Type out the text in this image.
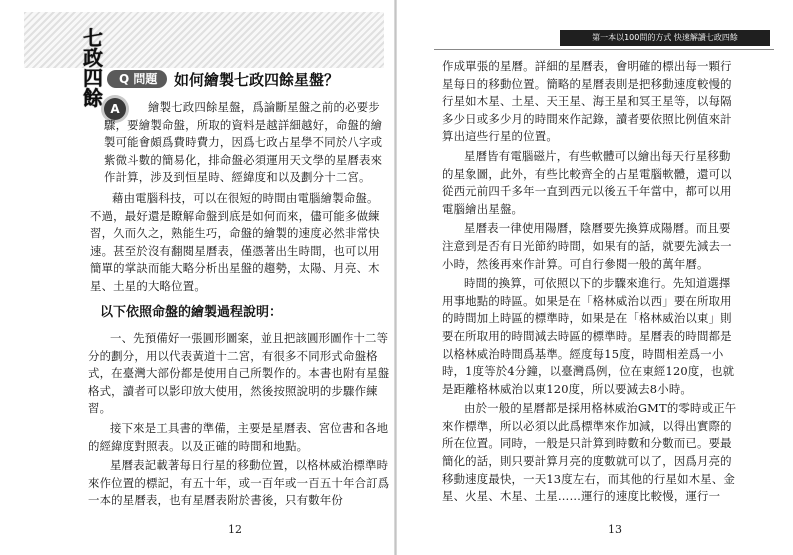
七
政
四
餘
Q 問題	如何繪製七政四餘星盤？
A	繪製七政四餘星盤，爲論斷星盤之前的必要步驟，要繪製命盤，所取的資料是越詳細越好，命盤的繪製可能會頗爲費時費力，因爲七政占星學不同於八字或紫微斗數的簡易化，排命盤必須運用天文學的星曆表來作計算，涉及到恒星時、經緯度和以及劃分十二宮。

藉由電腦科技，可以在很短的時間由電腦繪製命盤。不過，最好還是瞭解命盤到底是如何而來，儘可能多做練習，久而久之，熟能生巧，命盤的繪製的速度必然非常快速。甚至於沒有翻閱星曆表，僅憑著出生時間，也可以用簡單的掌訣而能大略分析出星盤的趨勢，太陽、月亮、木星、土星的大略位置。

以下依照命盤的繪製過程說明：

一、先預備好一張圓形圖案，並且把該圓形圖作十二等分的劃分，用以代表黃道十二宮，有很多不同形式命盤格式，在臺灣大部份都是使用自己所製作的。本書也附有星盤格式，讀者可以影印放大使用，然後按照說明的步驟作練習。

接下來是工具書的準備，主要是星曆表、宮位書和各地的經緯度對照表。以及正確的時間和地點。

星曆表記載著每日行星的移動位置，以格林威治標準時來作位置的標記，有五十年，或一百年或一百五十年合訂爲一本的星曆表，也有星曆表附於書後，只有數年份

12
第一本以100問的方式 快速解讀七政四餘

作成單張的星曆。詳細的星曆表，會明確的標出每一顆行星每日的移動位置。簡略的星曆表則是把移動速度較慢的行星如木星、土星、天王星、海王星和冥王星等，以每隔多少日或多少月的時間來作記錄，讀者要依照比例值來計算出這些行星的位置。

星曆皆有電腦磁片，有些軟體可以繪出每天行星移動的星象圖，此外，有些比較齊全的占星電腦軟體，還可以從西元前四千多年一直到西元以後五千年當中，都可以用電腦繪出星盤。

星曆表一律使用陽曆，陰曆要先換算成陽曆。而且要注意到是否有日光節約時間，如果有的話，就要先減去一小時，然後再來作計算。可自行參閱一般的萬年曆。

時間的換算，可依照以下的步驟來進行。先知道選擇用事地點的時區。如果是在「格林威治以西」要在所取用的時間加上時區的標準時，如果是在「格林威治以東」則要在所取用的時間減去時區的標準時。星曆表的時間都是以格林威治時間爲基準。經度每15度，時間相差爲一小時，1度等於4分鐘，以臺灣爲例，位在東經120度，也就是距離格林威治以東120度，所以要減去8小時。

由於一般的星曆都是採用格林威治GMT的零時或正午來作標準，所以必須以此爲標準來作加減，以得出實際的所在位置。同時，一般是只計算到時數和分數而已。要最簡化的話，則只要計算月亮的度數就可以了，因爲月亮的移動速度最快，一天13度左右，而其他的行星如木星、金星、火星、木星、土星……運行的速度比較慢，運行一

13
